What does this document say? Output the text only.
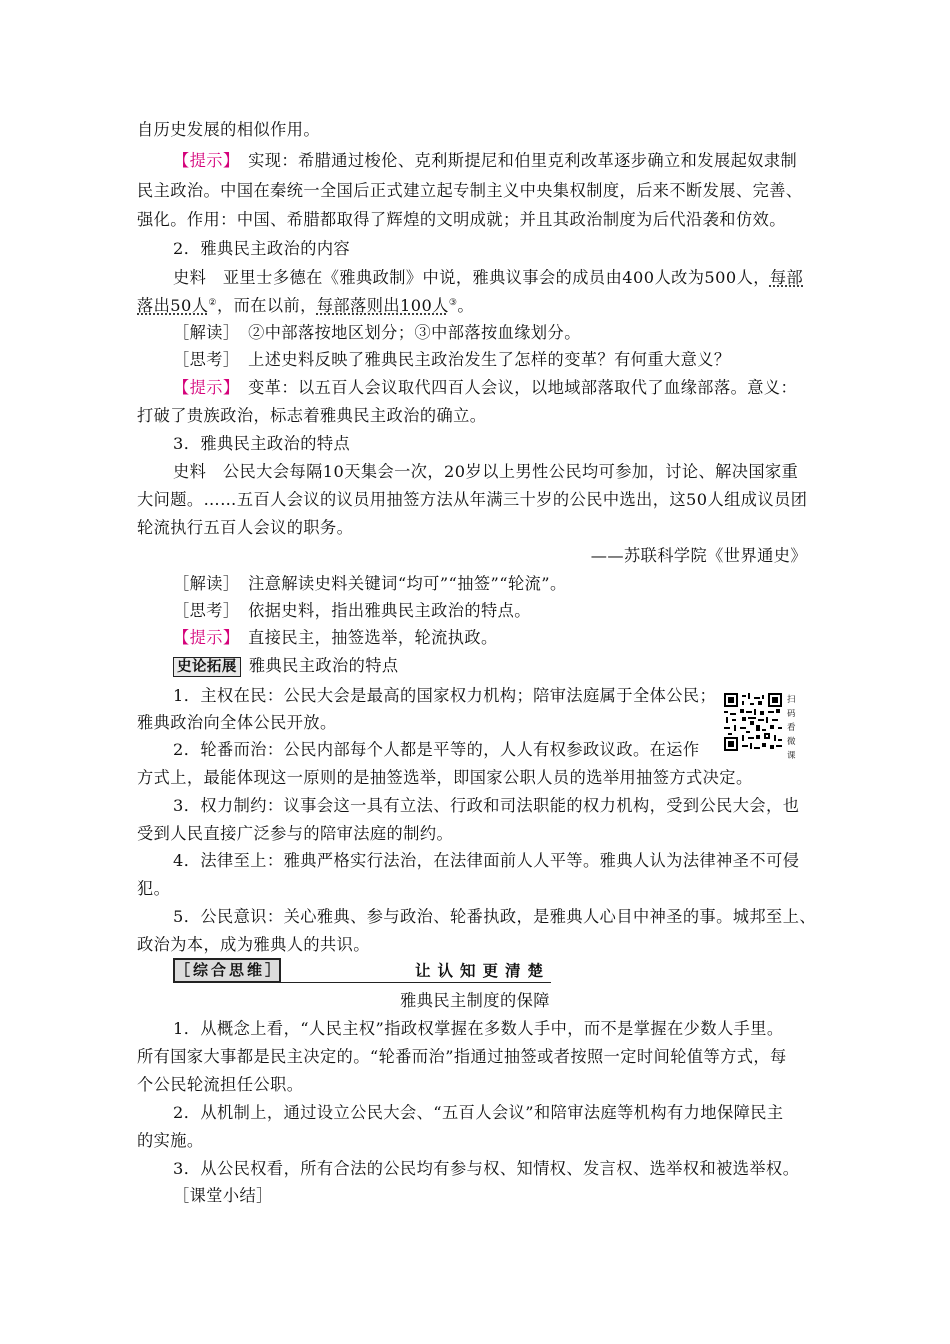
自历史发展的相似作用。
【提示】　实现：希腊通过梭伦、克利斯提尼和伯里克利改革逐步确立和发展起奴隶制
民主政治。中国在秦统一全国后正式建立起专制主义中央集权制度，后来不断发展、完善、
强化。作用：中国、希腊都取得了辉煌的文明成就；并且其政治制度为后代沿袭和仿效。
2．雅典民主政治的内容
史料　亚里士多德在《雅典政制》中说，雅典议事会的成员由400人改为500人，每部
落出50人②，而在以前，每部落则出100人③。
［解读］　②中部落按地区划分；③中部落按血缘划分。
［思考］　上述史料反映了雅典民主政治发生了怎样的变革？有何重大意义？
【提示】　变革：以五百人会议取代四百人会议，以地域部落取代了血缘部落。意义：
打破了贵族政治，标志着雅典民主政治的确立。
3．雅典民主政治的特点
史料　公民大会每隔10天集会一次，20岁以上男性公民均可参加，讨论、解决国家重
大问题。……五百人会议的议员用抽签方法从年满三十岁的公民中选出，这50人组成议员团
轮流执行五百人会议的职务。
——苏联科学院《世界通史》
［解读］　注意解读史料关键词“均可”“抽签”“轮流”。
［思考］　依据史料，指出雅典民主政治的特点。
【提示】　直接民主，抽签选举，轮流执政。
史论拓展 雅典民主政治的特点
1．主权在民：公民大会是最高的国家权力机构；陪审法庭属于全体公民；
雅典政治向全体公民开放。
2．轮番而治：公民内部每个人都是平等的，人人有权参政议政。在运作
方式上，最能体现这一原则的是抽签选举，即国家公职人员的选举用抽签方式决定。
3．权力制约：议事会这一具有立法、行政和司法职能的权力机构，受到公民大会，也
受到人民直接广泛参与的陪审法庭的制约。
4．法律至上：雅典严格实行法治，在法律面前人人平等。雅典人认为法律神圣不可侵
犯。
5．公民意识：关心雅典、参与政治、轮番执政，是雅典人心目中神圣的事。城邦至上、
政治为本，成为雅典人的共识。
扫码看微课
［综合思维］	让认知更清楚
雅典民主制度的保障
1．从概念上看，“人民主权”指政权掌握在多数人手中，而不是掌握在少数人手里。
所有国家大事都是民主决定的。“轮番而治”指通过抽签或者按照一定时间轮值等方式，每
个公民轮流担任公职。
2．从机制上，通过设立公民大会、“五百人会议”和陪审法庭等机构有力地保障民主
的实施。
3．从公民权看，所有合法的公民均有参与权、知情权、发言权、选举权和被选举权。
［课堂小结］
